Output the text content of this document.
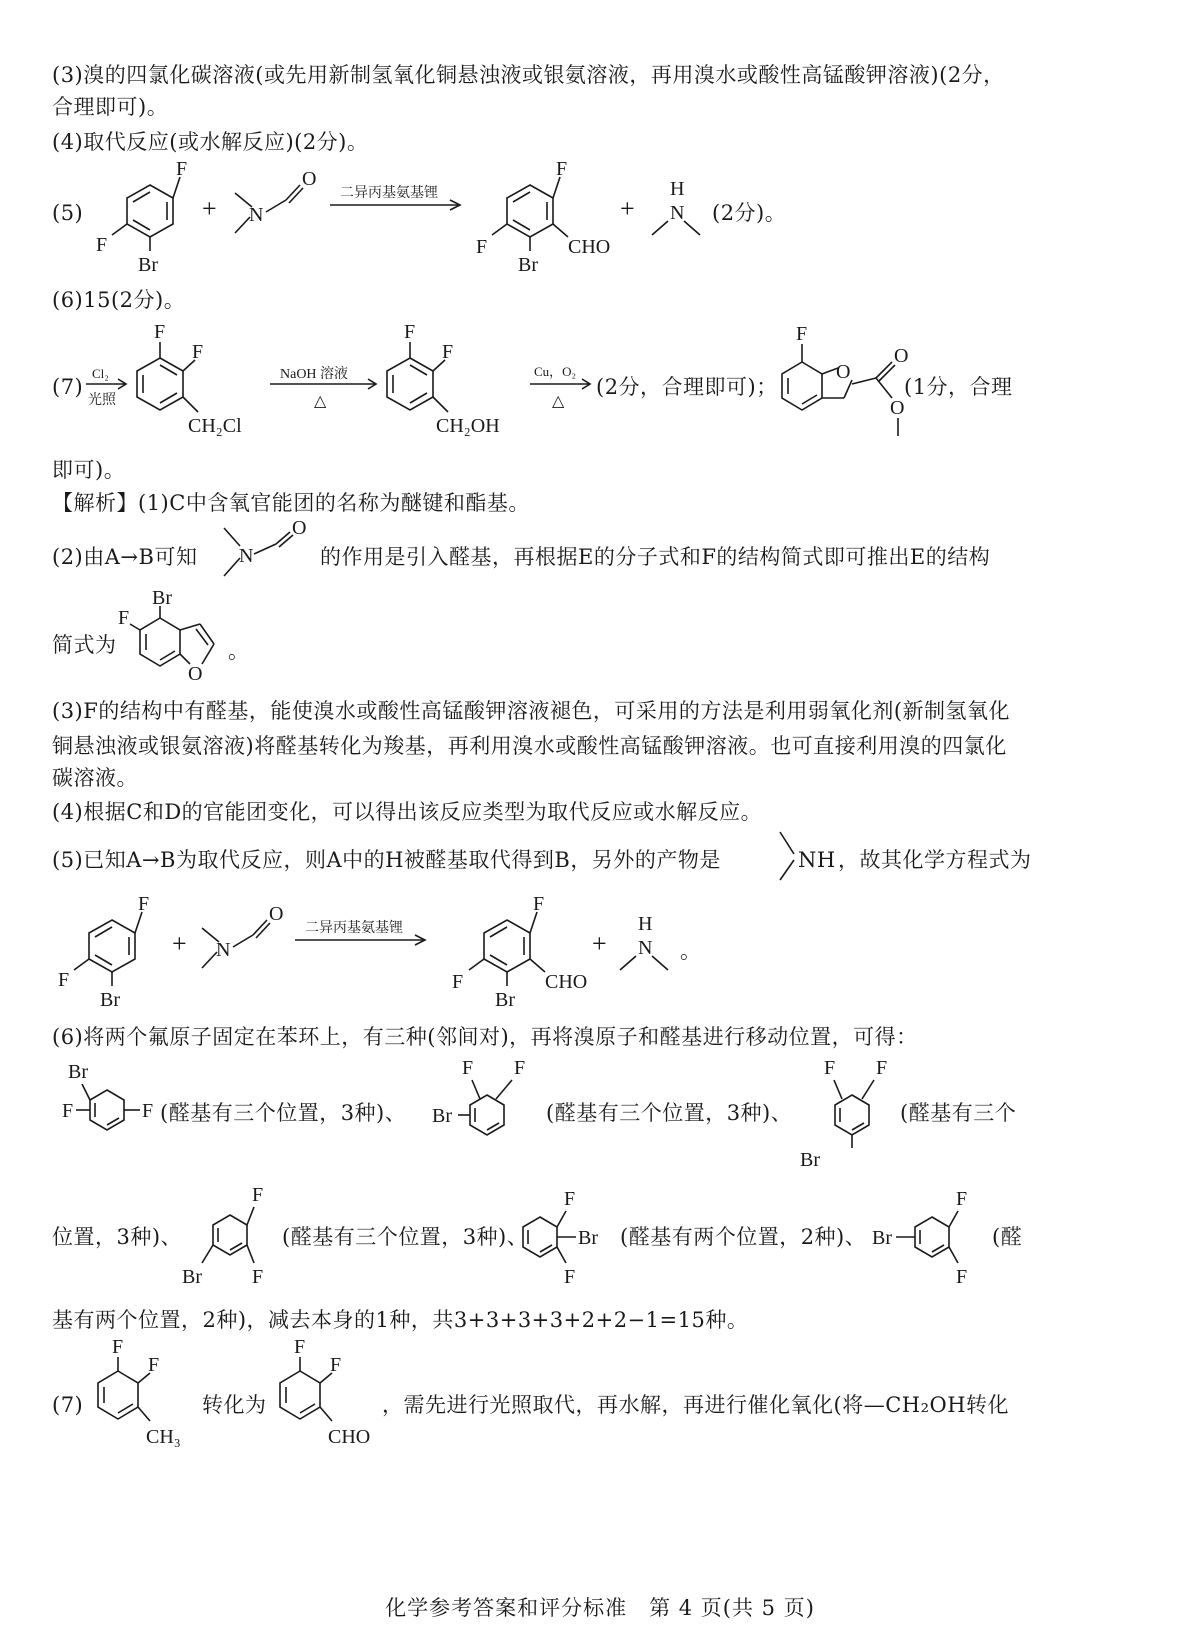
(3)溴的四氯化碳溶液(或先用新制氢氧化铜悬浊液或银氨溶液，再用溴水或酸性高锰酸钾溶液)(2分，
合理即可)。
(4)取代反应(或水解反应)(2分)。
(5)
F
F
Br
+ N
O
二异丙基氨基锂
F
F
Br
CHO
+
H
N (2分)。
(6)15(2分)。
(7)
Cl₂
光照
F
F
CH₂Cl
NaOH 溶液
△
F
F
CH₂OH
Cu，O₂
△
O
F
O
O
(2分，合理即可)；	(1分，合理
即可)。
【解析】(1)C中含氧官能团的名称为醚键和酯基。
(2)由A→B可知 N
O
的作用是引入醛基，再根据E的分子式和F的结构简式即可推出E的结构
简式为
Br
F
O
。
(3)F的结构中有醛基，能使溴水或酸性高锰酸钾溶液褪色，可采用的方法是利用弱氧化剂(新制氢氧化
铜悬浊液或银氨溶液)将醛基转化为羧基，再利用溴水或酸性高锰酸钾溶液。也可直接利用溴的四氯化
碳溶液。
(4)根据C和D的官能团变化，可以得出该反应类型为取代反应或水解反应。
(5)已知A→B为取代反应，则A中的H被醛基取代得到B，另外的产物是	NH ，故其化学方程式为
F
F
Br
+ N
O
二异丙基氨基锂
F
F
Br
CHO
+
H
N 。
(6)将两个氟原子固定在苯环上，有三种(邻间对)，再将溴原子和醛基进行移动位置，可得：
Br
F	F	Br
F F	F F
Br
(醛基有三个位置，3种)、	(醛基有三个位置，3种)、	(醛基有三个
位置，3种)、
F
Br	F
F
Br
F
F
Br
F
(醛基有三个位置，3种)、	(醛基有两个位置，2种)、	(醛
基有两个位置，2种)，减去本身的1种，共3+3+3+3+2+2−1=15种。
(7)
F
F
CH₃
转化为
F
F
CHO
，需先进行光照取代，再水解，再进行催化氧化(将—CH₂OH转化
化学参考答案和评分标准　第 4 页(共 5 页)
